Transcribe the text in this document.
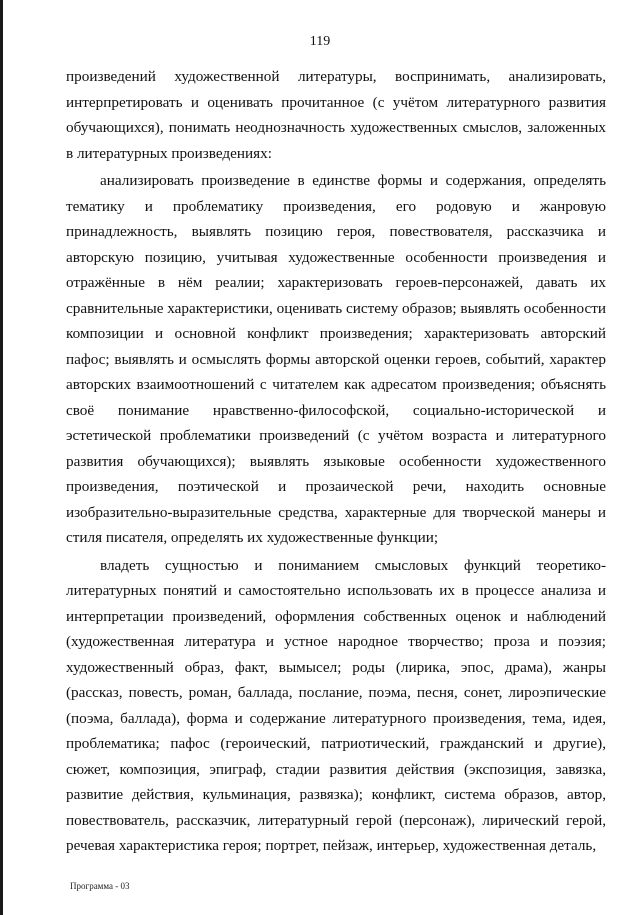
119

произведений художественной литературы, воспринимать, анализировать, интерпретировать и оценивать прочитанное (с учётом литературного развития обучающихся), понимать неоднозначность художественных смыслов, заложенных в литературных произведениях:

анализировать произведение в единстве формы и содержания, определять тематику и проблематику произведения, его родовую и жанровую принадлежность, выявлять позицию героя, повествователя, рассказчика и авторскую позицию, учитывая художественные особенности произведения и отражённые в нём реалии; характеризовать героев-персонажей, давать их сравнительные характеристики, оценивать систему образов; выявлять особенности композиции и основной конфликт произведения; характеризовать авторский пафос; выявлять и осмыслять формы авторской оценки героев, событий, характер авторских взаимоотношений с читателем как адресатом произведения; объяснять своё понимание нравственно-философской, социально-исторической и эстетической проблематики произведений (с учётом возраста и литературного развития обучающихся); выявлять языковые особенности художественного произведения, поэтической и прозаической речи, находить основные изобразительно-выразительные средства, характерные для творческой манеры и стиля писателя, определять их художественные функции;

владеть сущностью и пониманием смысловых функций теоретико-литературных понятий и самостоятельно использовать их в процессе анализа и интерпретации произведений, оформления собственных оценок и наблюдений (художественная литература и устное народное творчество; проза и поэзия; художественный образ, факт, вымысел; роды (лирика, эпос, драма), жанры (рассказ, повесть, роман, баллада, послание, поэма, песня, сонет, лироэпические (поэма, баллада), форма и содержание литературного произведения, тема, идея, проблематика; пафос (героический, патриотический, гражданский и другие), сюжет, композиция, эпиграф, стадии развития действия (экспозиция, завязка, развитие действия, кульминация, развязка); конфликт, система образов, автор, повествователь, рассказчик, литературный герой (персонаж), лирический герой, речевая характеристика героя; портрет, пейзаж, интерьер, художественная деталь,

Программа - 03
